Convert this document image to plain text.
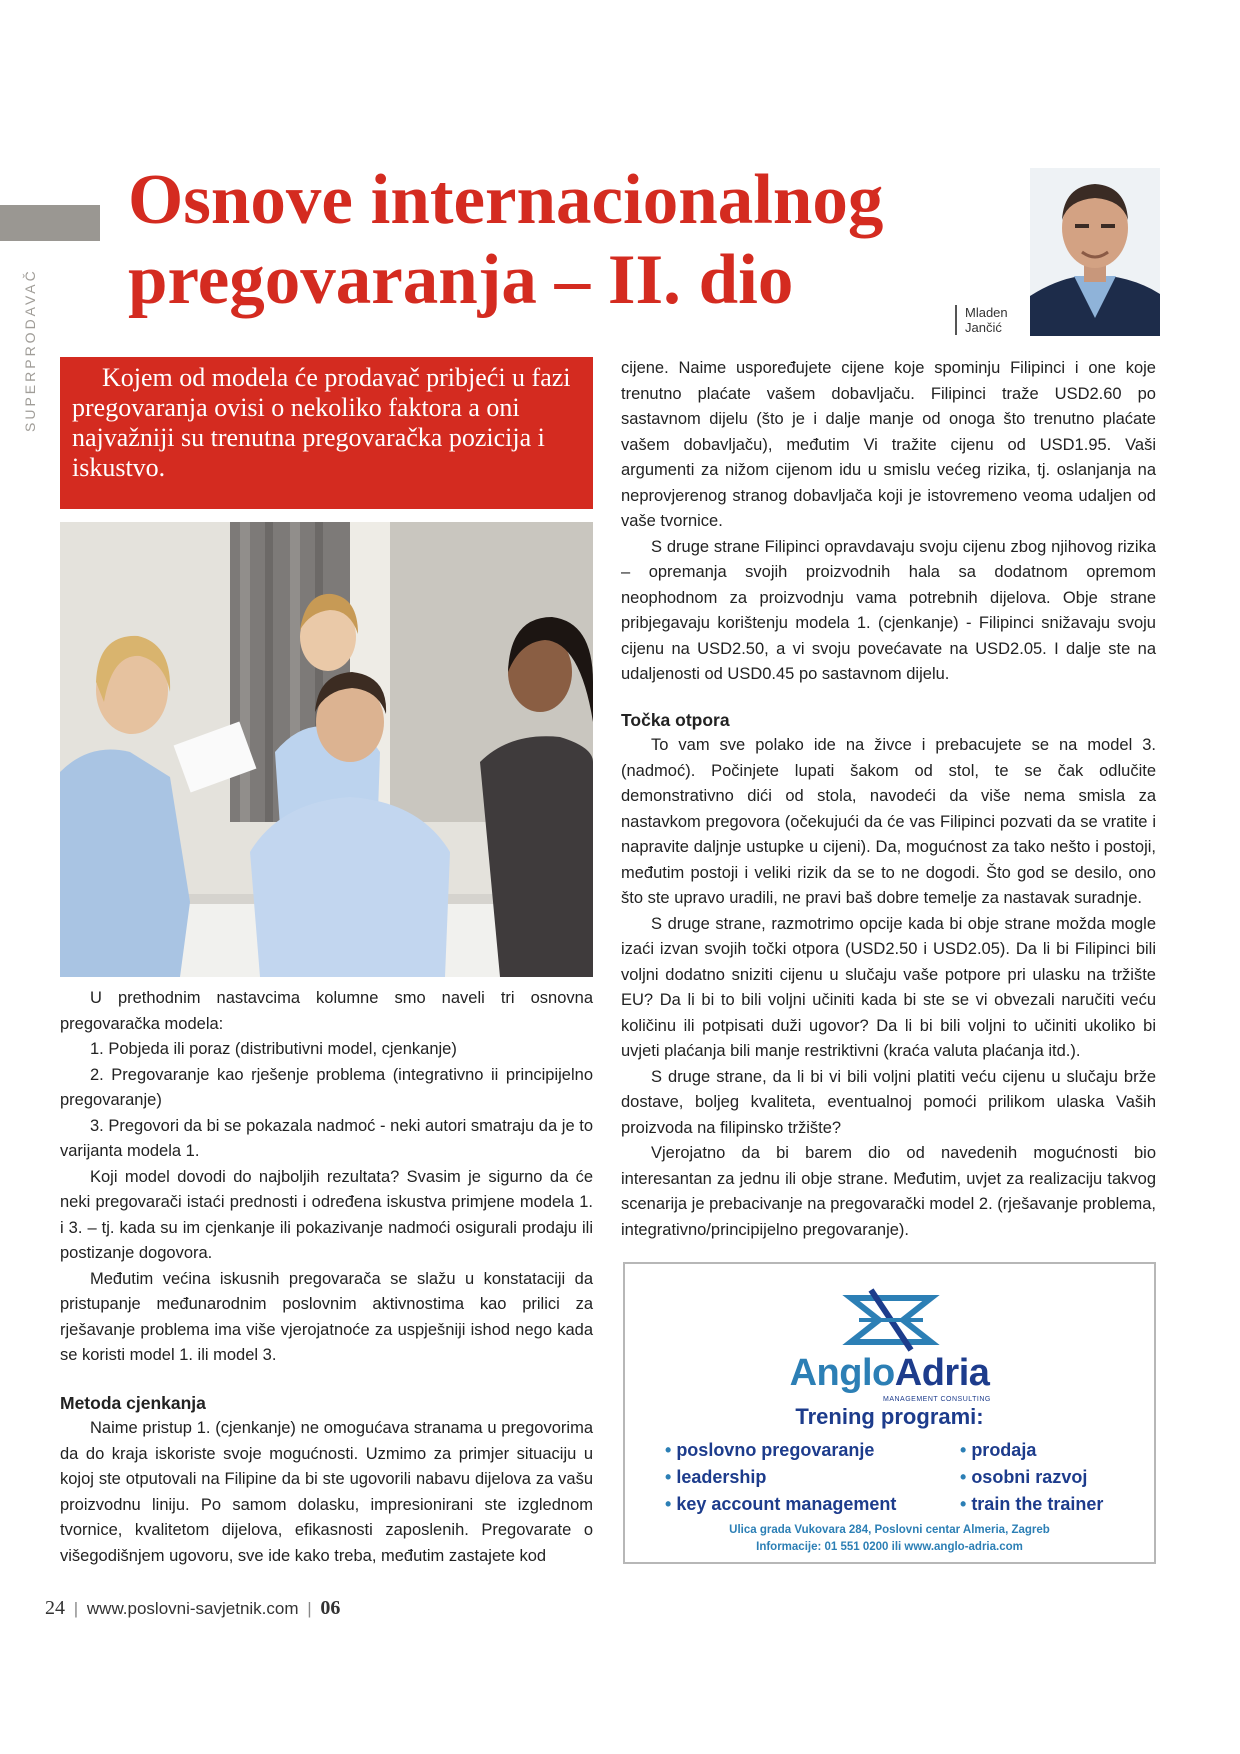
SUPERPRODAVAČ
Osnove internacionalnog
pregovaranja – II. dio	Mladen
Jančić

Kojem od modela će prodavač pribjeći u fazi pregovaranja ovisi o nekoliko faktora a oni najvažniji su trenutna pregovaračka pozicija i iskustvo.

U prethodnim nastavcima kolumne smo naveli tri osnovna pregovaračka modela:

1. Pobjeda ili poraz (distributivni model, cjenkanje)

2. Pregovaranje kao rješenje problema (integrativno ii principijelno pregovaranje)

3. Pregovori da bi se pokazala nadmoć - neki autori smatraju da je to varijanta modela 1.

Koji model dovodi do najboljih rezultata? Svasim je sigurno da će neki pregovarači istaći prednosti i određena iskustva primjene modela 1. i 3. – tj. kada su im cjenkanje ili pokazivanje nadmoći osigurali prodaju ili postizanje dogovora.

Međutim većina iskusnih pregovarača se slažu u konstataciji da pristupanje međunarodnim poslovnim aktivnostima kao prilici za rješavanje problema ima više vjerojatnoće za uspješniji ishod nego kada se koristi model 1. ili model 3.

Metoda cjenkanja

Naime pristup 1. (cjenkanje) ne omogućava stranama u pregovorima da do kraja iskoriste svoje mogućnosti. Uzmimo za primjer situaciju u kojoj ste otputovali na Filipine da bi ste ugovorili nabavu dijelova za vašu proizvodnu liniju. Po samom dolasku, impresionirani ste izglednom tvornice, kvalitetom dijelova, efikasnosti zaposlenih. Pregovarate o višegodišnjem ugovoru, sve ide kako treba, međutim zastajete kod

cijene. Naime uspoređujete cijene koje spominju Filipinci i one koje trenutno plaćate vašem dobavljaču. Filipinci traže USD2.60 po sastavnom dijelu (što je i dalje manje od onoga što trenutno plaćate vašem dobavljaču), međutim Vi tražite cijenu od USD1.95. Vaši argumenti za nižom cijenom idu u smislu većeg rizika, tj. oslanjanja na neprovjerenog stranog dobavljača koji je istovremeno veoma udaljen od vaše tvornice.

S druge strane Filipinci opravdavaju svoju cijenu zbog njihovog rizika – opremanja svojih proizvodnih hala sa dodatnom opremom neophodnom za proizvodnju vama potrebnih dijelova. Obje strane pribjegavaju korištenju modela 1. (cjenkanje) - Filipinci snižavaju svoju cijenu na USD2.50, a vi svoju povećavate na USD2.05. I dalje ste na udaljenosti od USD0.45 po sastavnom dijelu.

Točka otpora

To vam sve polako ide na živce i prebacujete se na model 3. (nadmoć). Počinjete lupati šakom od stol, te se čak odlučite demonstrativno dići od stola, navodeći da više nema smisla za nastavkom pregovora (očekujući da će vas Filipinci pozvati da se vratite i napravite daljnje ustupke u cijeni). Da, mogućnost za tako nešto i postoji, međutim postoji i veliki rizik da se to ne dogodi. Što god se desilo, ono što ste upravo uradili, ne pravi baš dobre temelje za nastavak suradnje.

S druge strane, razmotrimo opcije kada bi obje strane možda mogle izaći izvan svojih točki otpora (USD2.50 i USD2.05). Da li bi Filipinci bili voljni dodatno sniziti cijenu u slučaju vaše potpore pri ulasku na tržište EU? Da li bi to bili voljni učiniti kada bi ste se vi obvezali naručiti veću količinu ili potpisati duži ugovor? Da li bi bili voljni to učiniti ukoliko bi uvjeti plaćanja bili manje restriktivni (kraća valuta plaćanja itd.).

S druge strane, da li bi vi bili voljni platiti veću cijenu u slučaju brže dostave, boljeg kvaliteta, eventualnoj pomoći prilikom ulaska Vaših proizvoda na filipinsko tržište?

Vjerojatno da bi barem dio od navedenih mogućnosti bio interesantan za jednu ili obje strane. Međutim, uvjet za realizaciju takvog scenarija je prebacivanje na pregovarački model 2. (rješavanje problema, integrativno/principijelno pregovaranje).

AngloAdria
MANAGEMENT CONSULTING
Trening programi:
• poslovno pregovaranje
• leadership
• key account management
• prodaja
• osobni razvoj
• train the trainer
Ulica grada Vukovara 284, Poslovni centar Almeria, Zagreb
Informacije: 01 551 0200 ili www.anglo-adria.com
24 | www.poslovni-savjetnik.com | 06
